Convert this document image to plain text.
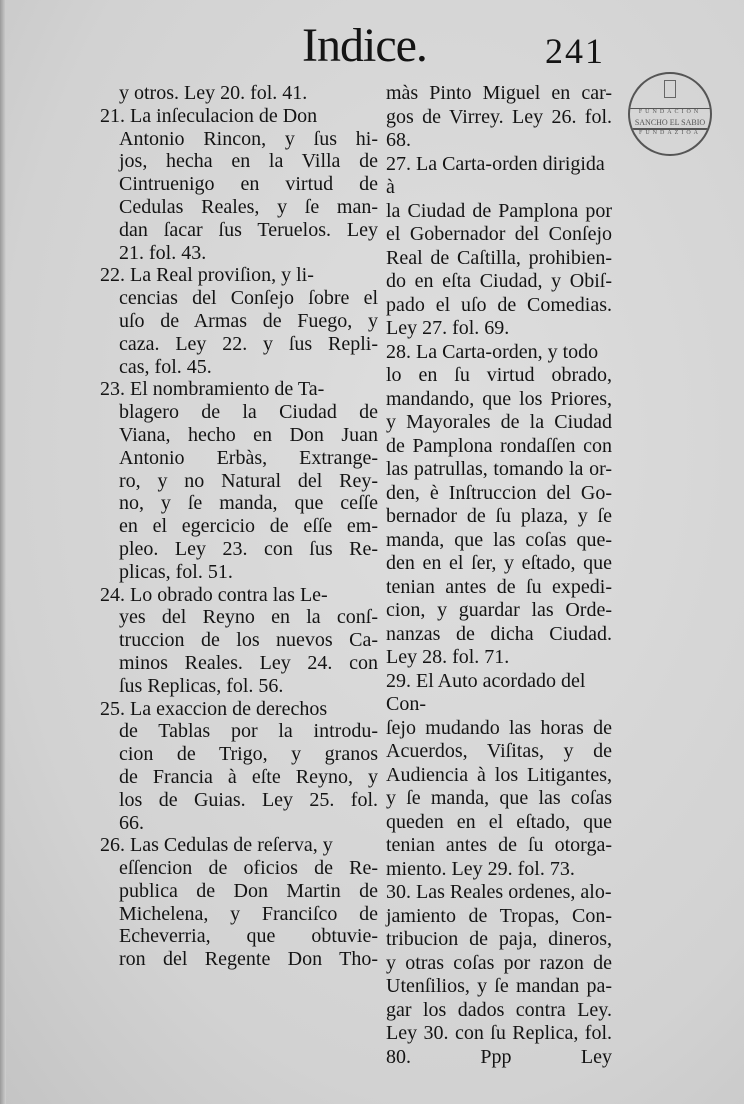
Indice.	241
FUNDACION
SANCHO EL SABIO
FUNDAZIOA
y otros. Ley 20. fol. 41.
21. La inſeculacion de Don
Antonio Rincon, y ſus hi-
jos, hecha en la Villa de
Cintruenigo en virtud de
Cedulas Reales, y ſe man-
dan ſacar ſus Teruelos. Ley
21. fol. 43.
22. La Real proviſion, y li-
cencias del Conſejo ſobre el
uſo de Armas de Fuego, y
caza. Ley 22. y ſus Repli-
cas, fol. 45.
23. El nombramiento de Ta-
blagero de la Ciudad de
Viana, hecho en Don Juan
Antonio Erbàs, Extrange-
ro, y no Natural del Rey-
no, y ſe manda, que ceſſe
en el egercicio de eſſe em-
pleo. Ley 23. con ſus Re-
plicas, fol. 51.
24. Lo obrado contra las Le-
yes del Reyno en la conſ-
truccion de los nuevos Ca-
minos Reales. Ley 24. con
ſus Replicas, fol. 56.
25. La exaccion de derechos
de Tablas por la introdu-
cion de Trigo, y granos
de Francia à eſte Reyno, y
los de Guias. Ley 25. fol.
66.
26. Las Cedulas de reſerva, y
eſſencion de oficios de Re-
publica de Don Martin de
Michelena, y Franciſco de
Echeverria, que obtuvie-
ron del Regente Don Tho-
màs Pinto Miguel en car-
gos de Virrey. Ley 26. fol.
68.
27. La Carta-orden dirigida à
la Ciudad de Pamplona por
el Gobernador del Conſejo
Real de Caſtilla, prohibien-
do en eſta Ciudad, y Obiſ-
pado el uſo de Comedias.
Ley 27. fol. 69.
28. La Carta-orden, y todo
lo en ſu virtud obrado,
mandando, que los Priores,
y Mayorales de la Ciudad
de Pamplona rondaſſen con
las patrullas, tomando la or-
den, è Inſtruccion del Go-
bernador de ſu plaza, y ſe
manda, que las coſas que-
den en el ſer, y eſtado, que
tenian antes de ſu expedi-
cion, y guardar las Orde-
nanzas de dicha Ciudad.
Ley 28. fol. 71.
29. El Auto acordado del Con-
ſejo mudando las horas de
Acuerdos, Viſitas, y de
Audiencia à los Litigantes,
y ſe manda, que las coſas
queden en el eſtado, que
tenian antes de ſu otorga-
miento. Ley 29. fol. 73.
30. Las Reales ordenes, alo-
jamiento de Tropas, Con-
tribucion de paja, dineros,
y otras coſas por razon de
Utenſilios, y ſe mandan pa-
gar los dados contra Ley.
Ley 30. con ſu Replica, fol.
80.	Ppp	Ley
